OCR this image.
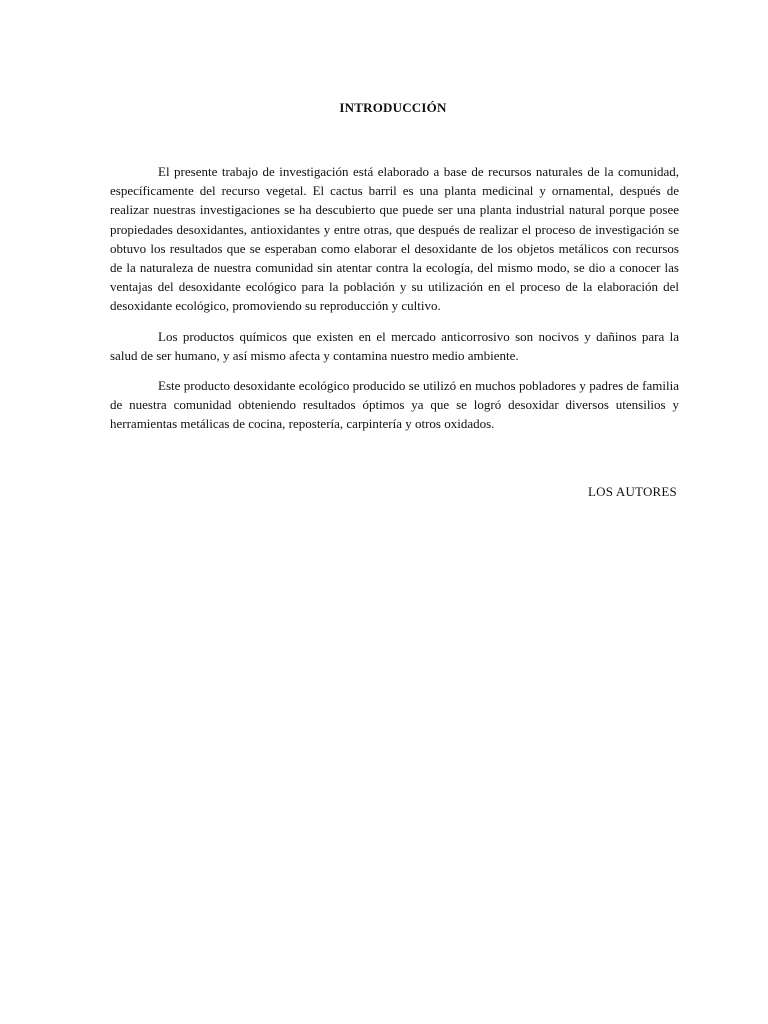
INTRODUCCIÓN

El presente trabajo de investigación está elaborado a base de recursos naturales de la comunidad, específicamente del recurso vegetal. El cactus barril es una planta medicinal y ornamental, después de realizar nuestras investigaciones se ha descubierto que puede ser una planta industrial natural porque posee propiedades desoxidantes, antioxidantes y entre otras, que después de realizar el proceso de investigación se obtuvo los resultados que se esperaban como elaborar el desoxidante de los objetos metálicos con recursos de la naturaleza de nuestra comunidad sin atentar contra la ecología, del mismo modo, se dio a conocer las ventajas del desoxidante ecológico para la población y su utilización en el proceso de la elaboración del desoxidante ecológico, promoviendo su reproducción y cultivo.

Los productos químicos que existen en el mercado anticorrosivo son nocivos y dañinos para la salud de ser humano, y así mismo afecta y contamina nuestro medio ambiente.

Este producto desoxidante ecológico producido se utilizó en muchos pobladores y padres de familia de nuestra comunidad obteniendo resultados óptimos ya que se logró desoxidar diversos utensilios y herramientas metálicas de cocina, repostería, carpintería y otros oxidados.

LOS AUTORES
